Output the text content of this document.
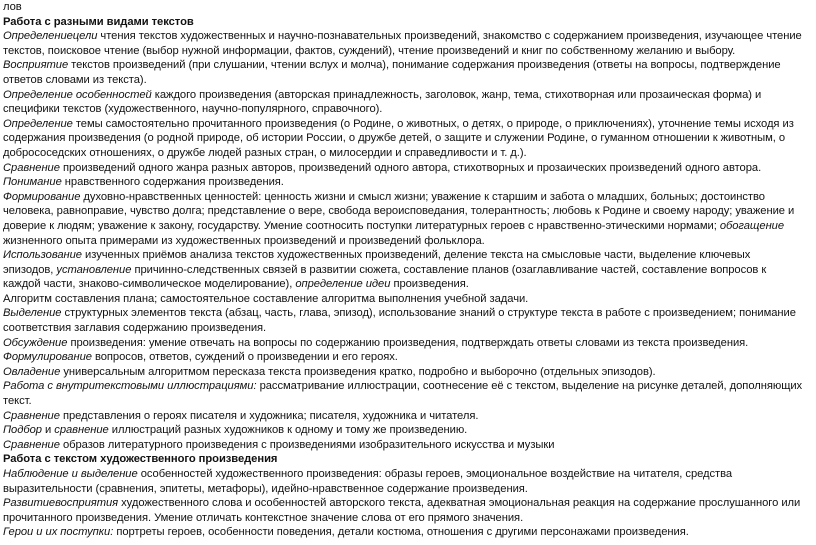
лов
Работа с разными видами текстов
Определениецели чтения текстов художественных и научно-познавательных произведений, знакомство с содержанием произведения, изучающее чтение текстов, поисковое чтение (выбор нужной информации, фактов, суждений), чтение произведений и книг по собственному желанию и выбору.
Восприятие текстов произведений (при слушании, чтении вслух и молча), понимание содержания произведения (ответы на вопросы, подтверждение ответов словами из текста).
Определение особенностей каждого произведения (авторская принадлежность, заголовок, жанр, тема, стихотворная или прозаическая форма) и специфики текстов (художественного, научно-популярного, справочного).
Определение темы самостоятельно прочитанного произведения (о Родине, о животных, о детях, о природе, о приключениях), уточнение темы исходя из содержания произведения (о родной природе, об истории России, о дружбе детей, о защите и служении Родине, о гуманном отношении к животным, о добрососедских отношениях, о дружбе людей разных стран, о милосердии и справедливости и т. д.).
Сравнение произведений одного жанра разных авторов, произведений одного автора, стихотворных и прозаических произведений одного автора.
Понимание нравственного содержания произведения.
Формирование духовно-нравственных ценностей: ценность жизни и смысл жизни; уважение к старшим и забота о младших, больных; достоинство человека, равноправие, чувство долга; представление о вере, свобода вероисповедания, толерантность; любовь к Родине и своему народу; уважение и доверие к людям; уважение к закону, государству. Умение соотносить поступки литературных героев с нравственно-этическими нормами; обогащение жизненного опыта примерами из художественных произведений и произведений фольклора.
Использование изученных приёмов анализа текстов художественных произведений, деление текста на смысловые части, выделение ключевых эпизодов, установление причинно-следственных связей в развитии сюжета, составление планов (озаглавливание частей, составление вопросов к каждой части, знаково-символическое моделирование), определение идеи произведения.
Алгоритм составления плана; самостоятельное составление алгоритма выполнения учебной задачи.
Выделение структурных элементов текста (абзац, часть, глава, эпизод), использование знаний о структуре текста в работе с произведением; понимание соответствия заглавия содержанию произведения.
Обсуждение произведения: умение отвечать на вопросы по содержанию произведения, подтверждать ответы словами из текста произведения.
Формулирование вопросов, ответов, суждений о произведении и его героях.
Овладение универсальным алгоритмом пересказа текста произведения кратко, подробно и выборочно (отдельных эпизодов).
Работа с внутритекстовыми иллюстрациями: рассматривание иллюстрации, соотнесение её с текстом, выделение на рисунке деталей, дополняющих текст.
Сравнение представления о героях писателя и художника; писателя, художника и читателя.
Подбор и сравнение иллюстраций разных художников к одному и тому же произведению.
Сравнение образов литературного произведения с произведениями изобразительного искусства и музыки
Работа с текстом художественного произведения
Наблюдение и выделение особенностей художественного произведения: образы героев, эмоциональное воздействие на читателя, средства выразительности (сравнения, эпитеты, метафоры), идейно-нравственное содержание произведения.
Развитиевосприятия художественного слова и особенностей авторского текста, адекватная эмоциональная реакция на содержание прослушанного или прочитанного произведения. Умение отличать контекстное значение слова от его прямого значения.
Герои и их поступки: портреты героев, особенности поведения, детали костюма, отношения с другими персонажами произведения.
